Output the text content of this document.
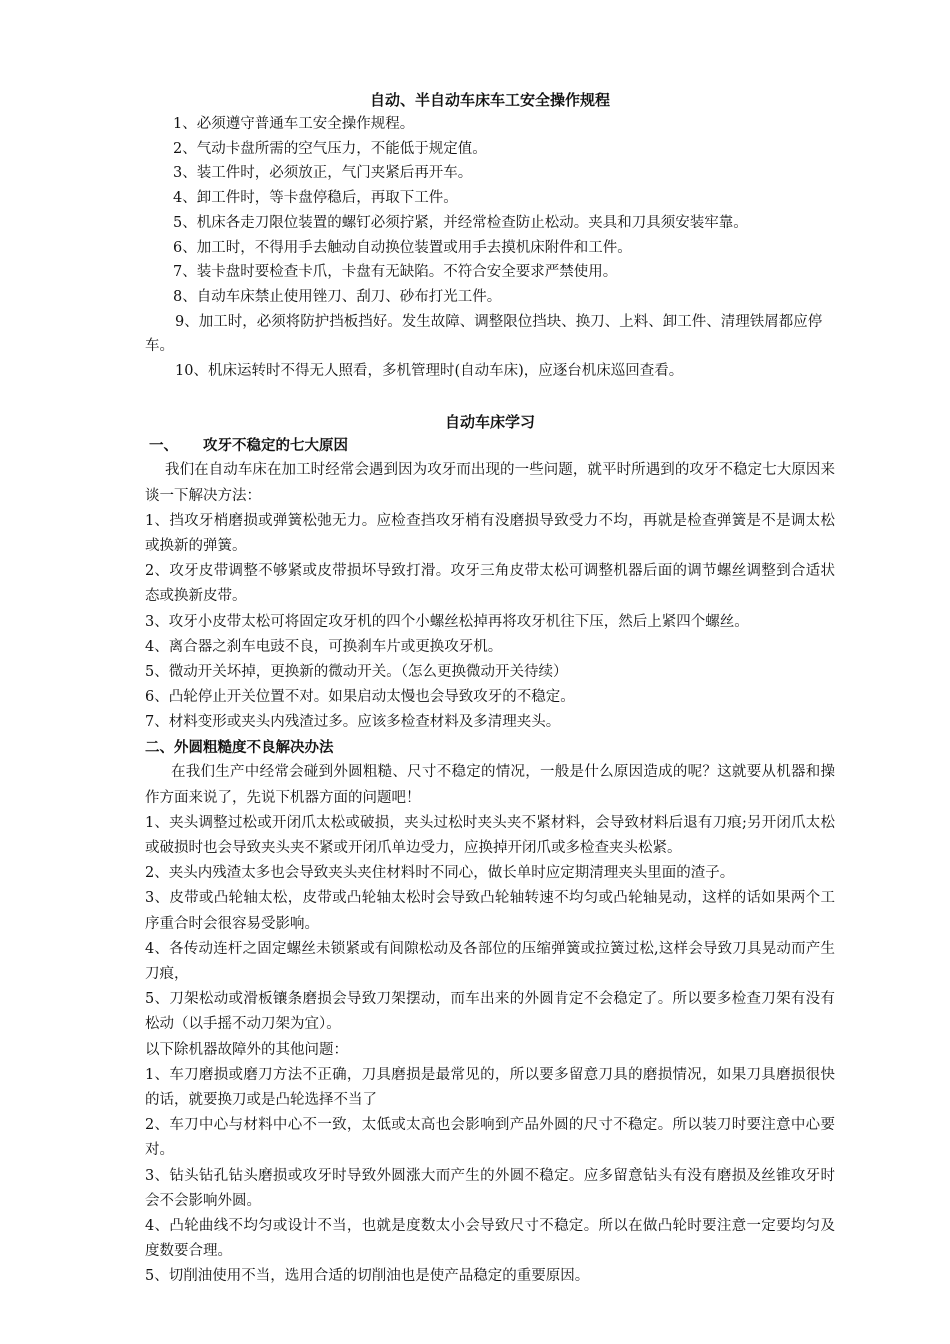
自动、半自动车床车工安全操作规程

1、必须遵守普通车工安全操作规程。

2、气动卡盘所需的空气压力，不能低于规定值。

3、装工件时，必须放正，气门夹紧后再开车。

4、卸工件时，等卡盘停稳后，再取下工件。

5、机床各走刀限位装置的螺钉必须拧紧，并经常检查防止松动。夹具和刀具须安装牢靠。

6、加工时，不得用手去触动自动换位装置或用手去摸机床附件和工件。

7、装卡盘时要检查卡爪，卡盘有无缺陷。不符合安全要求严禁使用。

8、自动车床禁止使用锉刀、刮刀、砂布打光工件。

9、加工时，必须将防护挡板挡好。发生故障、调整限位挡块、换刀、上料、卸工件、清理铁屑都应停车。

10、机床运转时不得无人照看，多机管理时(自动车床)，应逐台机床巡回查看。

自动车床学习

一、 攻牙不稳定的七大原因

我们在自动车床在加工时经常会遇到因为攻牙而出现的一些问题，就平时所遇到的攻牙不稳定七大原因来谈一下解决方法：

1、挡攻牙梢磨损或弹簧松弛无力。应检查挡攻牙梢有没磨损导致受力不均，再就是检查弹簧是不是调太松或换新的弹簧。

2、攻牙皮带调整不够紧或皮带损坏导致打滑。攻牙三角皮带太松可调整机器后面的调节螺丝调整到合适状态或换新皮带。

3、攻牙小皮带太松可将固定攻牙机的四个小螺丝松掉再将攻牙机往下压，然后上紧四个螺丝。

4、离合器之刹车电豉不良，可换刹车片或更换攻牙机。

5、微动开关坏掉，更换新的微动开关。（怎么更换微动开关待续）

6、凸轮停止开关位置不对。如果启动太慢也会导致攻牙的不稳定。

7、材料变形或夹头内残渣过多。应该多检查材料及多清理夹头。

二、外圆粗糙度不良解决办法

在我们生产中经常会碰到外圆粗糙、尺寸不稳定的情况，一般是什么原因造成的呢？这就要从机器和操作方面来说了，先说下机器方面的问题吧！

1、夹头调整过松或开闭爪太松或破损，夹头过松时夹头夹不紧材料，会导致材料后退有刀痕;另开闭爪太松或破损时也会导致夹头夹不紧或开闭爪单边受力，应换掉开闭爪或多检查夹头松紧。

2、夹头内残渣太多也会导致夹头夹住材料时不同心，做长单时应定期清理夹头里面的渣子。

3、皮带或凸轮轴太松，皮带或凸轮轴太松时会导致凸轮轴转速不均匀或凸轮轴晃动，这样的话如果两个工序重合时会很容易受影响。

4、各传动连杆之固定螺丝未锁紧或有间隙松动及各部位的压缩弹簧或拉簧过松,这样会导致刀具晃动而产生刀痕，

5、刀架松动或滑板镶条磨损会导致刀架摆动，而车出来的外圆肯定不会稳定了。所以要多检查刀架有没有松动（以手摇不动刀架为宜）。

以下除机器故障外的其他问题：

1、车刀磨损或磨刀方法不正确，刀具磨损是最常见的，所以要多留意刀具的磨损情况，如果刀具磨损很快的话，就要换刀或是凸轮选择不当了

2、车刀中心与材料中心不一致，太低或太高也会影响到产品外圆的尺寸不稳定。所以装刀时要注意中心要对。

3、钻头钻孔钻头磨损或攻牙时导致外圆涨大而产生的外圆不稳定。应多留意钻头有没有磨损及丝锥攻牙时会不会影响外圆。

4、凸轮曲线不均匀或设计不当，也就是度数太小会导致尺寸不稳定。所以在做凸轮时要注意一定要均匀及度数要合理。

5、切削油使用不当，选用合适的切削油也是使产品稳定的重要原因。
